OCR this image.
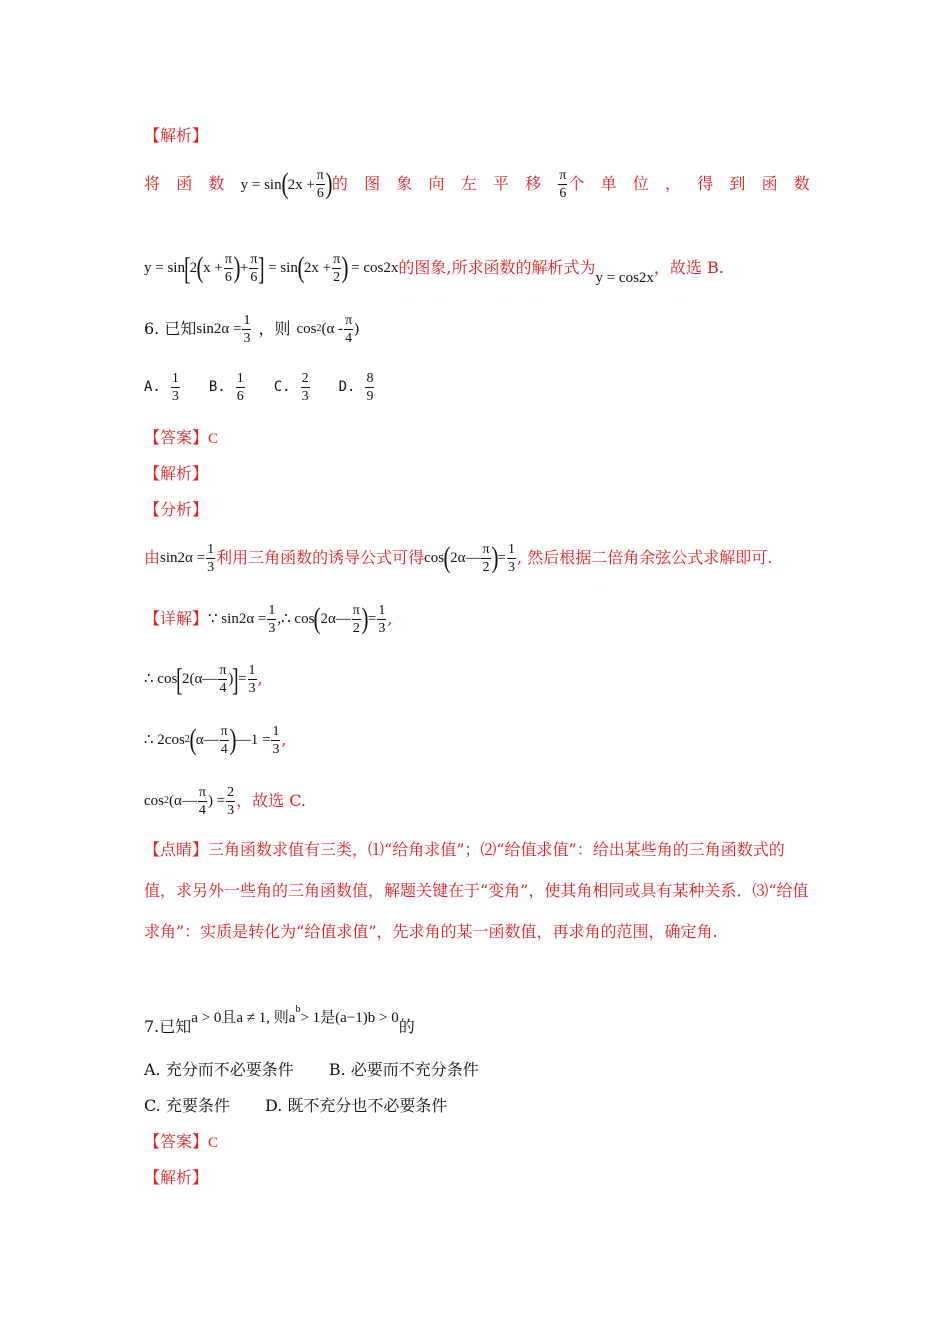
【解析】
将 函 数 $y = \sin(2x + \frac{\pi}{6}$ )的 图 象 向 左 平 移 $\frac{\pi}{6}$ 个 单 位 ， 得 到 函 数
y = sin [ 2 ( $x + \frac{\pi}{6}$ ) + $\frac{\pi}{6}$ ] = sin ( $2x + \frac{\pi}{2}$ ) = cos2x 的图象,所求函数的解析式为
y = cos2x
，故选 B.
6. 已知 $\sin 2\alpha = \frac{1}{3}$ ，则 cos 2 ($\alpha - \frac{\pi}{4}$ )
A. $\frac{1}{3} B$. $\frac{1}{6} C$. $\frac{2}{3} D$. $\frac{8}{9}$
【答案】C
【解析】
【分析】
由 $\sin 2\alpha = \frac{1}{3}$ 利用三角函数的诱导公式可得 cos ( 2α— $\frac{\pi}{2}$ ) = $\frac{1}{3}$ , 然后根据二倍角余弦公式求解即可.
【详解】 ∵ $\sin 2\alpha = \frac{1}{3}$ , ∴ cos ( 2α— $\frac{\pi}{2}$ ) = $\frac{1}{3}$ ,
∴ cos [ 2(α— $\frac{\pi}{4}$ ) ] = $\frac{1}{3}$ ,
∴ 2cos 2 ( α— $\frac{\pi}{4}$ ) —1 = $\frac{1}{3}$ ,
cos 2 (α— $\frac{\pi}{4}$ ) = $\frac{2}{3}$ ，故选 C.
【点睛】三角函数求值有三类，⑴“给角求值”；⑵“给值求值”：给出某些角的三角函数式的值，求另外一些角的三角函数值，解题关键在于“变角”，使其角相同或具有某种关系．⑶“给值求角”：实质是转化为“给值求值”，先求角的某一函数值，再求角的范围，确定角.
7.已知a > 0且a ≠ 1, 则$a^b> 1$是(a−1)b > 0的
A. 充分而不必要条件 B. 必要而不充分条件
C. 充要条件 D. 既不充分也不必要条件
【答案】C
【解析】
